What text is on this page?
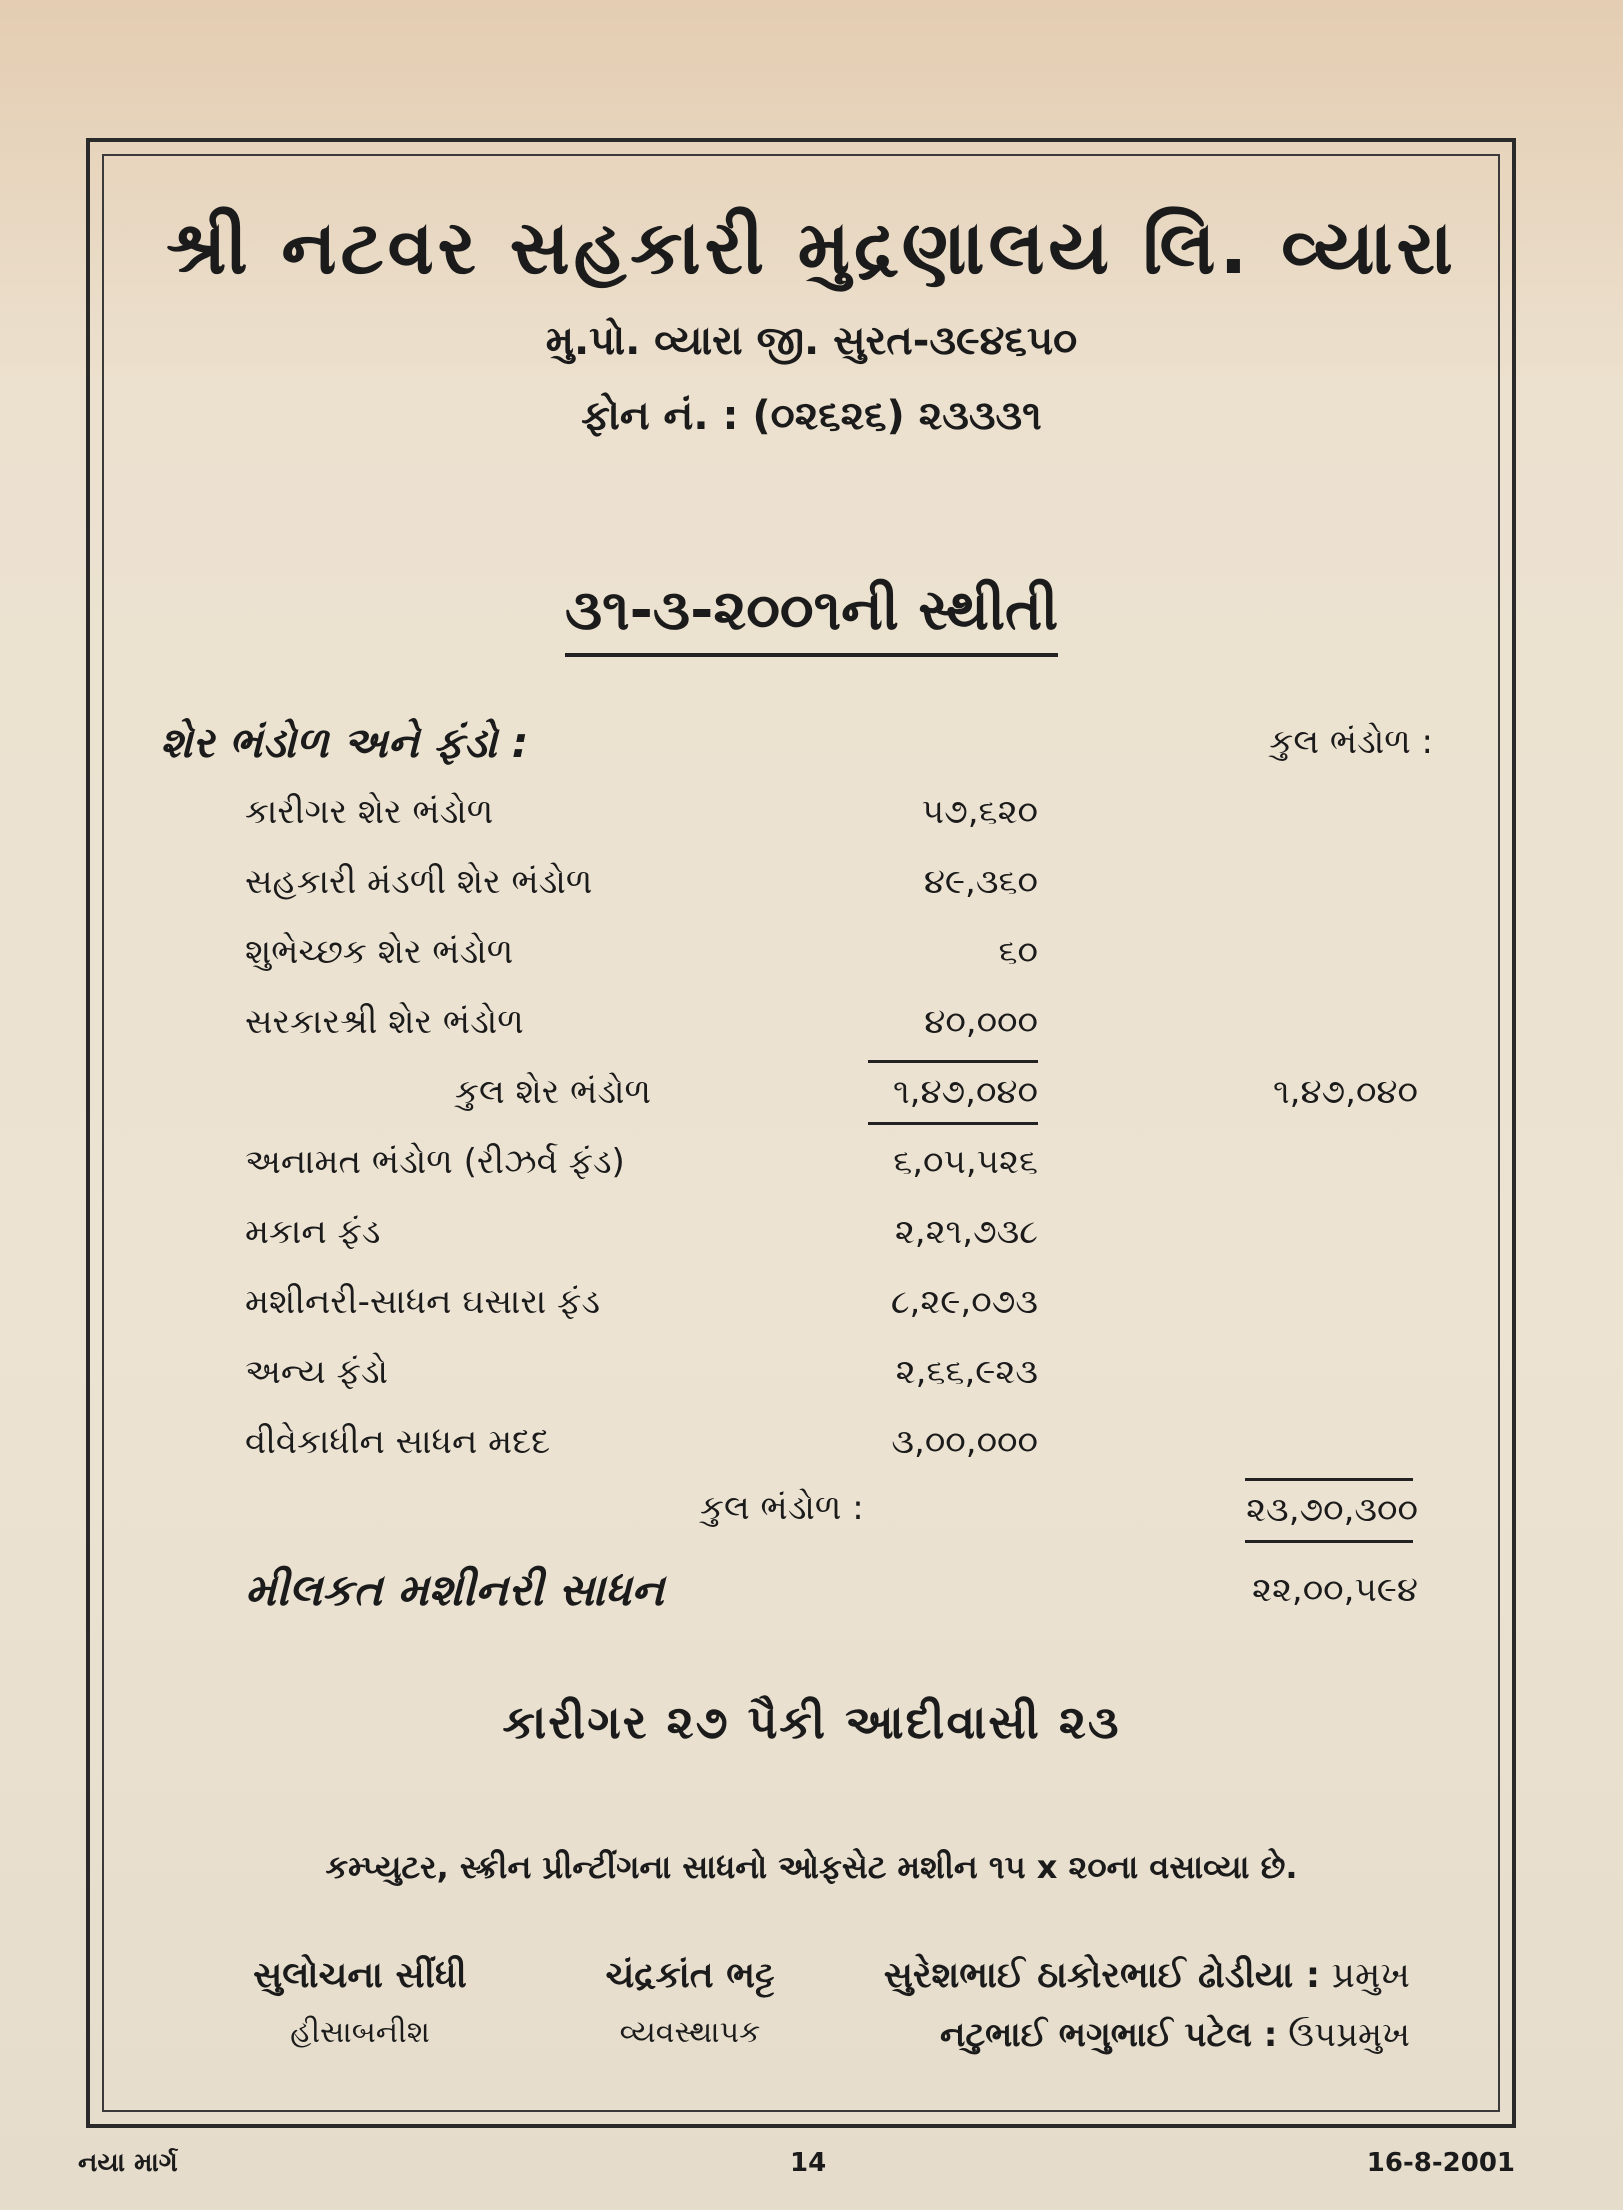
શ્રી નટવર સહકારી મુદ્રણાલય લિ. વ્યારા
મુ.પો. વ્યારા જી. સુરત-૩૯૪૬૫૦
ફોન નં. : (૦૨૬૨૬) ૨૩૩૩૧
૩૧-૩-૨૦૦૧ની સ્થીતી
શેર ભંડોળ અને ફંડો :	કુલ ભંડોળ :
કારીગર શેર ભંડોળ	૫૭,૬૨૦
સહકારી મંડળી શેર ભંડોળ	૪૯,૩૬૦
શુભેચ્છક શેર ભંડોળ	૬૦
સરકારશ્રી શેર ભંડોળ	૪૦,૦૦૦
કુલ શેર ભંડોળ	૧,૪૭,૦૪૦	૧,૪૭,૦૪૦
અનામત ભંડોળ (રીઝર્વ ફંડ)	૬,૦૫,૫૨૬
મકાન ફંડ	૨,૨૧,૭૩૮
મશીનરી-સાધન ઘસારા ફંડ	૮,૨૯,૦૭૩
અન્ય ફંડો	૨,૬૬,૯૨૩
વીવેકાધીન સાધન મદદ	૩,૦૦,૦૦૦
કુલ ભંડોળ :	૨૩,૭૦,૩૦૦
મીલકત મશીનરી સાધન	૨૨,૦૦,૫૯૪
કારીગર ૨૭ પૈકી આદીવાસી ૨૩
કમ્પ્યુટર, સ્ક્રીન પ્રીન્ટીંગના સાધનો ઓફસેટ મશીન ૧૫ x ૨૦ના વસાવ્યા છે.
સુલોચના સીંધી
હીસાબનીશ
ચંદ્રકાંત ભટ્ટ
વ્યવસ્થાપક
સુરેશભાઈ ઠાકોરભાઈ ઢોડીયા : પ્રમુખ
નટુભાઈ ભગુભાઈ પટેલ : ઉપપ્રમુખ
નયા માર્ગ	14	16-8-2001
